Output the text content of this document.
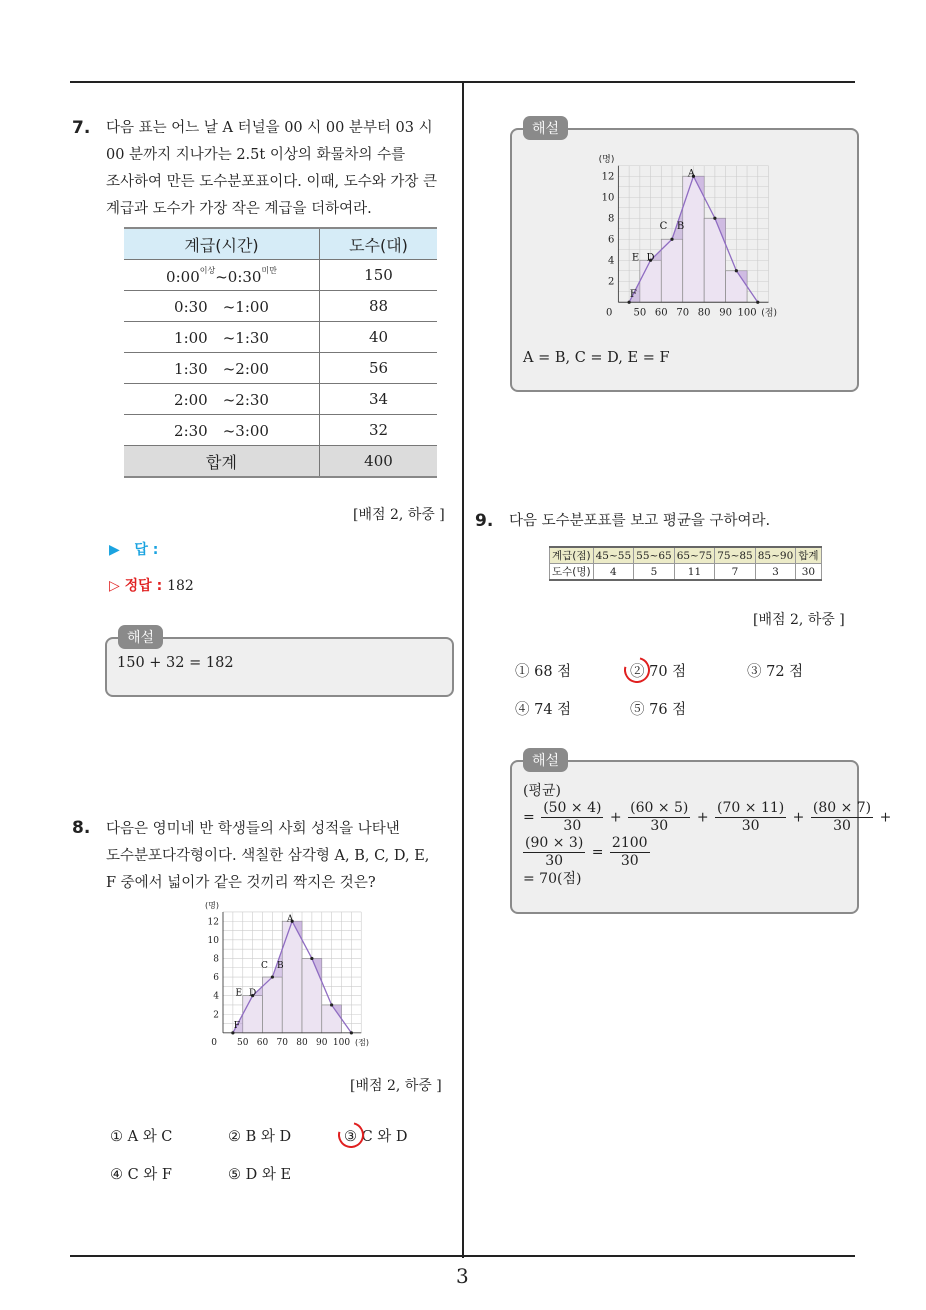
3
7. 다음 표는 어느 날 A 터널을 00 시 00 분부터 03 시
00 분까지 지나가는 2.5t 이상의 화물차의 수를
조사하여 만든 도수분포표이다. 이때, 도수와 가장 큰
계급과 도수가 가장 작은 계급을 더하여라.
계급(시간)	도수(대)
$0:00^{이상}\sim 0:30^{미만}$	150
0:30　~1:00	88
1:00　~1:30	40
1:30　~2:00	56
2:00　~2:30	34
2:30　~3:00	32
합계	400
[배점 2, 하중 ]
▶ 답 :
▷ 정답 : 182
150 + 32 = 182
해설
8. 다음은 영미네 반 학생들의 사회 성적을 나타낸
도수분포다각형이다. 색칠한 삼각형 A, B, C, D, E,
F 중에서 넓이가 같은 것끼리 짝지은 것은?
50 60 70 80 90 100
2
4
6
8
10
12
0
(명)
(점)
A
B
C
D
E
F
[배점 2, 하중 ]
① A 와 C	② B 와 D	③ C 와 D
④ C 와 F	⑤ D 와 E
50 60 70 80 90 100
2
4
6
8
10
12
0
(명)
(점)
A
B
C
D
E
F
A = B, C = D, E = F
해설
9. 다음 도수분포표를 보고 평균을 구하여라.
계급(점)	45~55	55~65	65~75	75~85	85~90	합계
도수(명)	4	5	11	7	3	30
[배점 2, 하중 ]
① 68 점	② 70 점	③ 72 점
④ 74 점	⑤ 76 점
(평균)
= $\frac{(50 \times 4)}{30} + \frac{(60 \times 5)}{30} + \frac{(70 \times 11)}{30} + \frac{(80 \times 7)}{30}$ +
$\frac{(90 \times 3)}{30} = \frac{2100}{30}$
= 70(점)
해설
